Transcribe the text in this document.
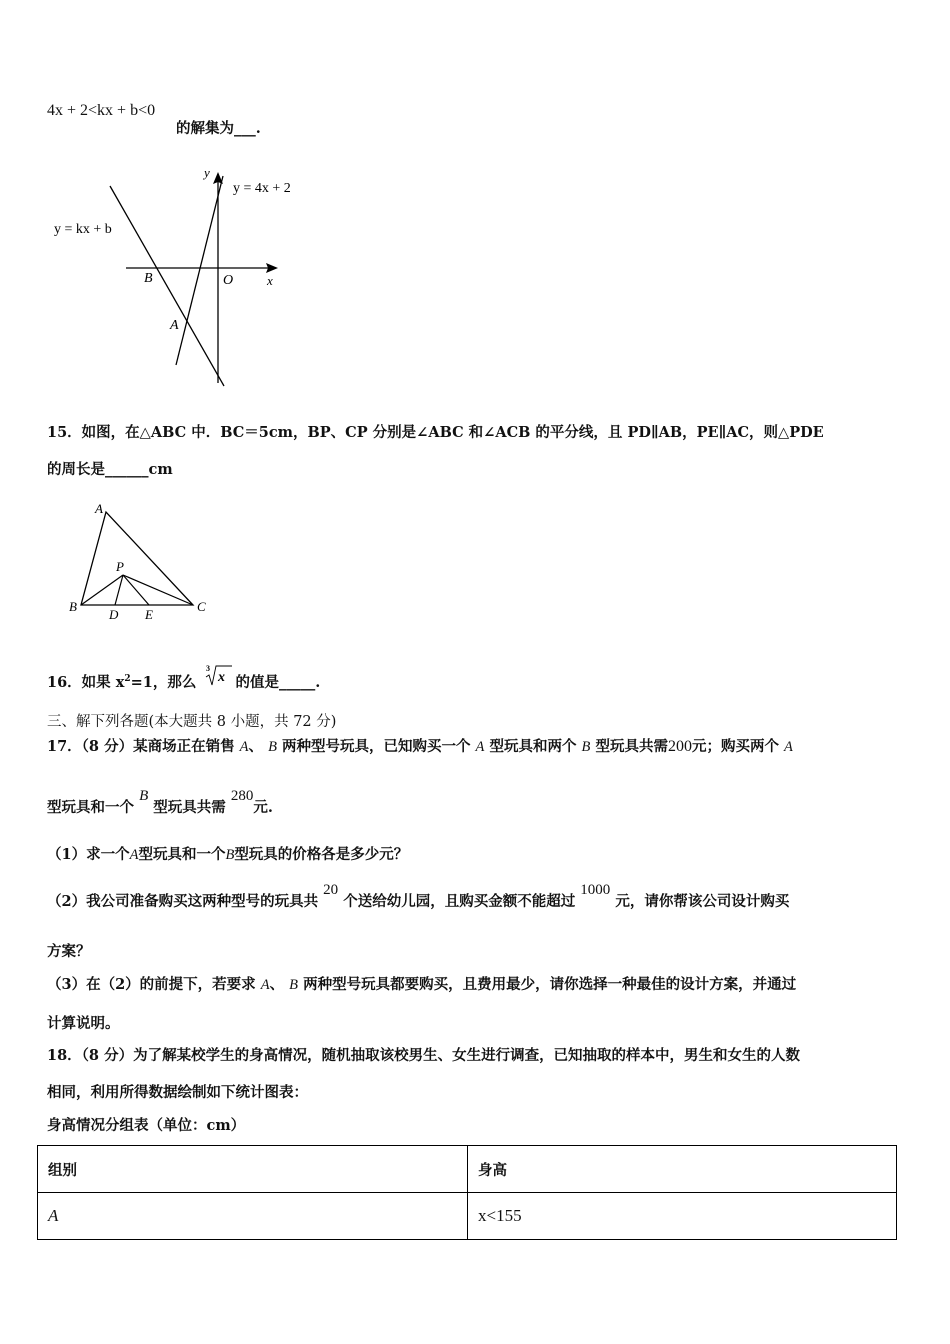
4x + 2<kx + b<0
的解集为___.
y
x
O
y = 4x + 2
y = kx + b
B
A
15．如图，在△ABC 中．BC＝5cm，BP、CP 分别是∠ABC 和∠ACB 的平分线，且 PD∥AB，PE∥AC，则△PDE
的周长是______cm
A
B	C
P
D E
16．如果 $x^2=1$，那么
3
x 的值是_____.
三、解下列各题(本大题共 8 小题，共 72 分)
17．（8 分）某商场正在销售 A、 B 两种型号玩具，已知购买一个 A 型玩具和两个 B 型玩具共需200元；购买两个 A
型玩具和一个 B 型玩具共需 280元.
（1）求一个A型玩具和一个B型玩具的价格各是多少元？
（2）我公司准备购买这两种型号的玩具共 20 个送给幼儿园，且购买金额不能超过 1000 元，请你帮该公司设计购买
方案？
（3）在（2）的前提下，若要求 A、 B 两种型号玩具都要购买，且费用最少，请你选择一种最佳的设计方案，并通过
计算说明。
18．（8 分）为了解某校学生的身高情况，随机抽取该校男生、女生进行调查，已知抽取的样本中，男生和女生的人数
相同，利用所得数据绘制如下统计图表：
身高情况分组表（单位：cm）
组别	身高
A	x<155
